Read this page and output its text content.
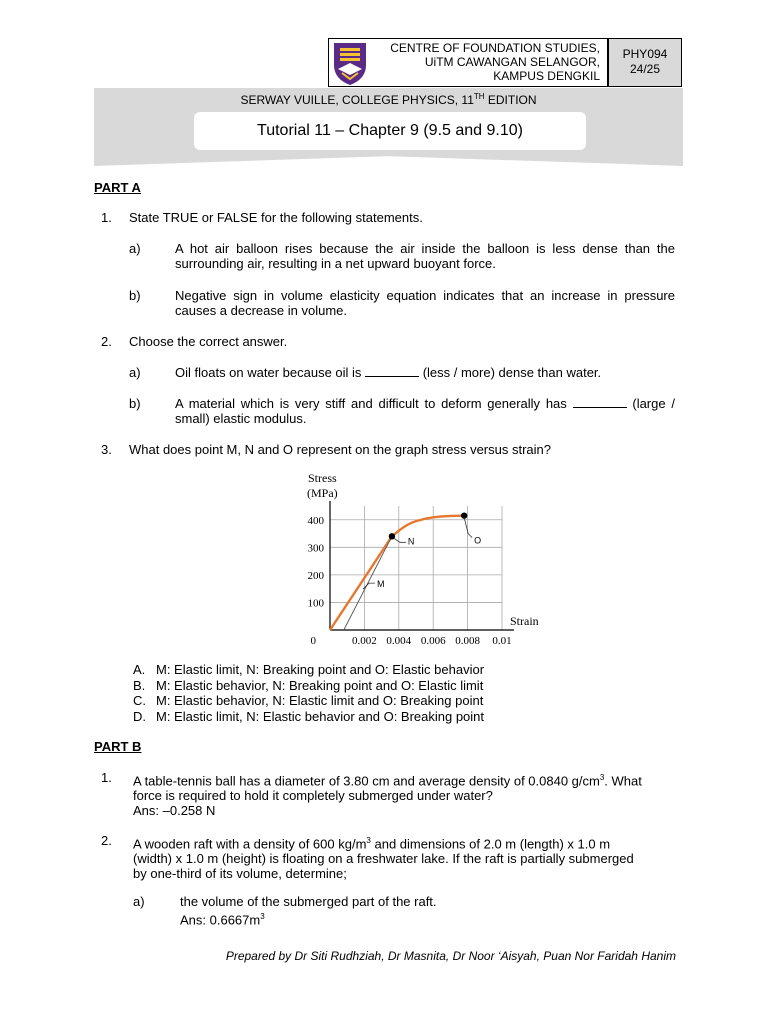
CENTRE OF FOUNDATION STUDIES,
UiTM CAWANGAN SELANGOR,
KAMPUS DENGKIL
PHY094
24/25
SERWAY VUILLE, COLLEGE PHYSICS, 11TH EDITION
Tutorial 11 – Chapter 9 (9.5 and 9.10)
PART A
1. State TRUE or FALSE for the following statements.
a)	A hot air balloon rises because the air inside the balloon is less dense than the surrounding air, resulting in a net upward buoyant force.
b)	Negative sign in volume elasticity equation indicates that an increase in pressure causes a decrease in volume.
2. Choose the correct answer.
a)	Oil floats on water because oil is	(less / more) dense than water.
b)	A material which is very stiff and difficult to deform generally has	(large / small) elastic modulus.
3. What does point M, N and O represent on the graph stress versus strain?
Stress
(MPa)
Strain
100
200
300
400
0	0.002 0.004 0.006 0.008 0.01
M
N	O
A. M: Elastic limit, N: Breaking point and O: Elastic behavior
B. M: Elastic behavior, N: Breaking point and O: Elastic limit
C. M: Elastic behavior, N: Elastic limit and O: Breaking point
D. M: Elastic limit, N: Elastic behavior and O: Breaking point
PART B
1. A table-tennis ball has a diameter of 3.80 cm and average density of 0.0840 $g/cm^3$. What
force is required to hold it completely submerged under water?
Ans: –0.258 N
2. A wooden raft with a density of 600 $kg/m^3$ and dimensions of 2.0 m (length) x 1.0 m
(width) x 1.0 m (height) is floating on a freshwater lake. If the raft is partially submerged
by one-third of its volume, determine;
a)	the volume of the submerged part of the raft.
Ans: $0.6667m^3$
Prepared by Dr Siti Rudhziah, Dr Masnita, Dr Noor ‘Aisyah, Puan Nor Faridah Hanim
